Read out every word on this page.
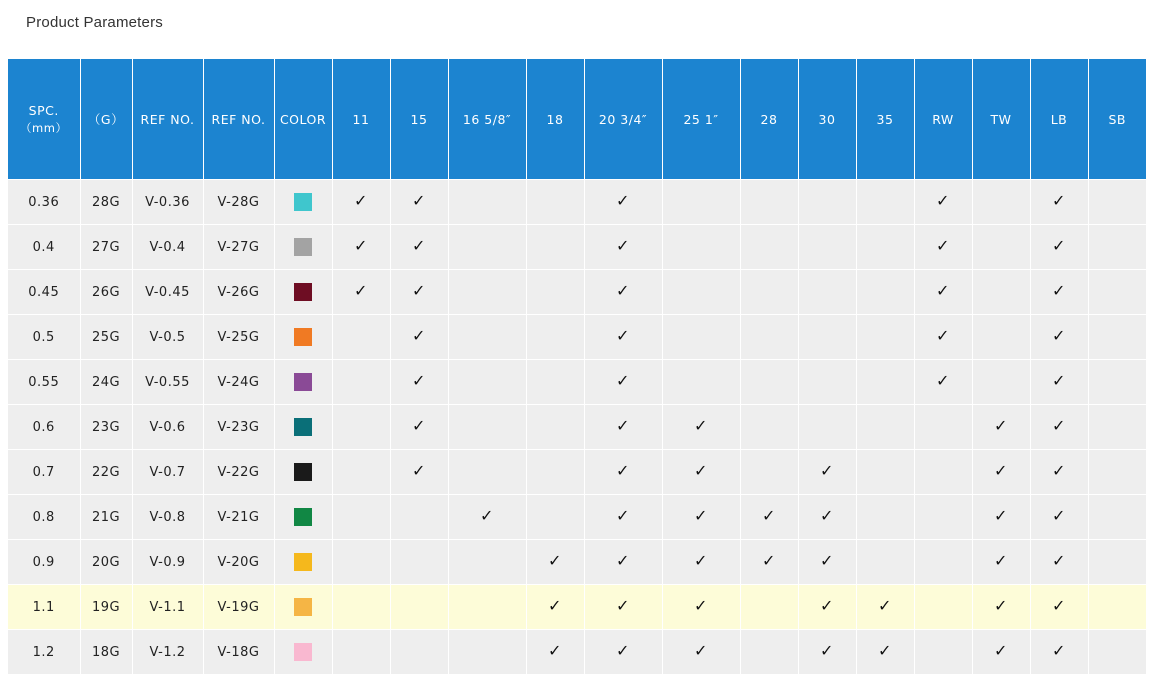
Product Parameters
SPC.
（mm）	（G）	REF NO.	REF NO.	COLOR	11	15	16 5/8″	18	20 3/4″	25 1″	28	30	35	RW	TW	LB	SB
0.36	28G	V-0.36	V-28G		✓	✓			✓					✓		✓	
0.4	27G	V-0.4	V-27G		✓	✓			✓					✓		✓	
0.45	26G	V-0.45	V-26G		✓	✓			✓					✓		✓	
0.5	25G	V-0.5	V-25G			✓			✓					✓		✓	
0.55	24G	V-0.55	V-24G			✓			✓					✓		✓	
0.6	23G	V-0.6	V-23G			✓			✓	✓					✓	✓	
0.7	22G	V-0.7	V-22G			✓			✓	✓		✓			✓	✓	
0.8	21G	V-0.8	V-21G				✓		✓	✓	✓	✓			✓	✓	
0.9	20G	V-0.9	V-20G					✓	✓	✓	✓	✓			✓	✓	
1.1	19G	V-1.1	V-19G					✓	✓	✓		✓	✓		✓	✓	
1.2	18G	V-1.2	V-18G					✓	✓	✓		✓	✓		✓	✓	
